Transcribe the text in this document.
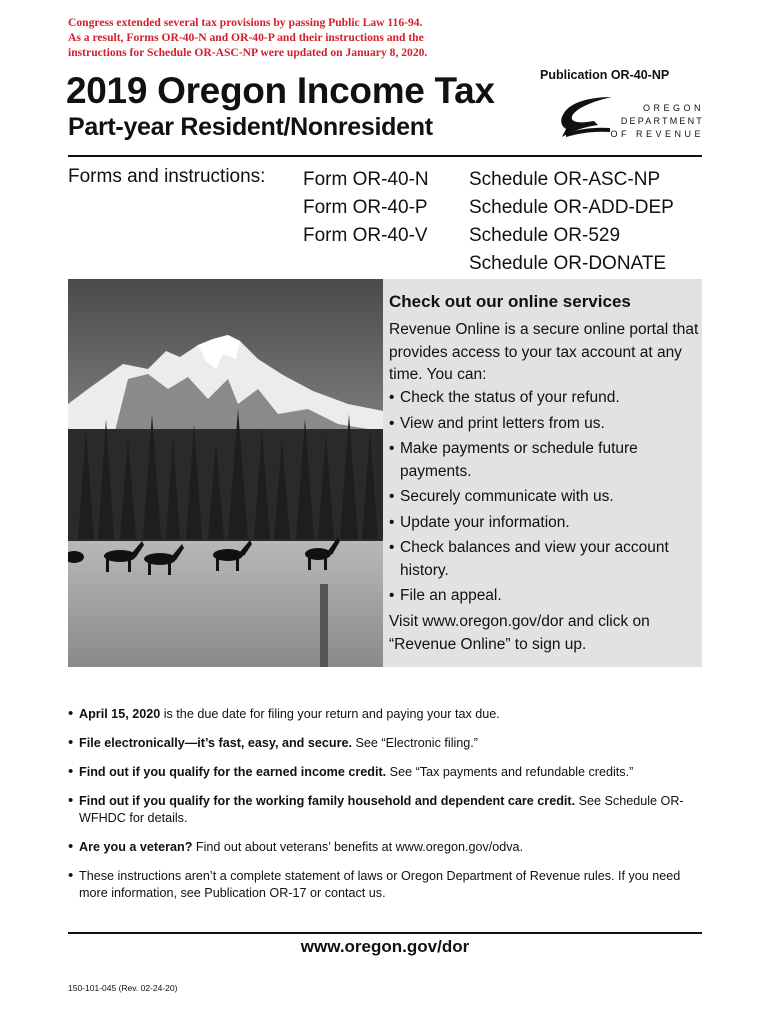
Congress extended several tax provisions by passing Public Law 116-94.
As a result, Forms OR-40-N and OR-40-P and their instructions and the
instructions for Schedule OR-ASC-NP were updated on January 8, 2020.
Publication OR-40-NP
2019 Oregon Income Tax
Part-year Resident/Nonresident
OREGON
DEPARTMENT
OF REVENUE
Forms and instructions: Form OR-40-N
Form OR-40-P
Form OR-40-V
Schedule OR-ASC-NP
Schedule OR-ADD-DEP
Schedule OR-529
Schedule OR-DONATE
Check out our online services
Revenue Online is a secure online portal that provides access to your tax account at any time. You can:
• Check the status of your refund.
• View and print letters from us.
• Make payments or schedule future payments.
• Securely communicate with us.
• Update your information.
• Check balances and view your account history.
• File an appeal.
Visit www.oregon.gov/dor and click on “Revenue Online” to sign up.
• April 15, 2020 is the due date for filing your return and paying your tax due.
• File electronically—it’s fast, easy, and secure. See “Electronic filing.”
• Find out if you qualify for the earned income credit. See “Tax payments and refundable credits.”
• Find out if you qualify for the working family household and dependent care credit. See Schedule OR-WFHDC for details.
• Are you a veteran? Find out about veterans’ benefits at www.oregon.gov/odva.
• These instructions aren’t a complete statement of laws or Oregon Department of Revenue rules. If you need more information, see Publication OR-17 or contact us.
www.oregon.gov/dor
150-101-045 (Rev. 02-24-20)
